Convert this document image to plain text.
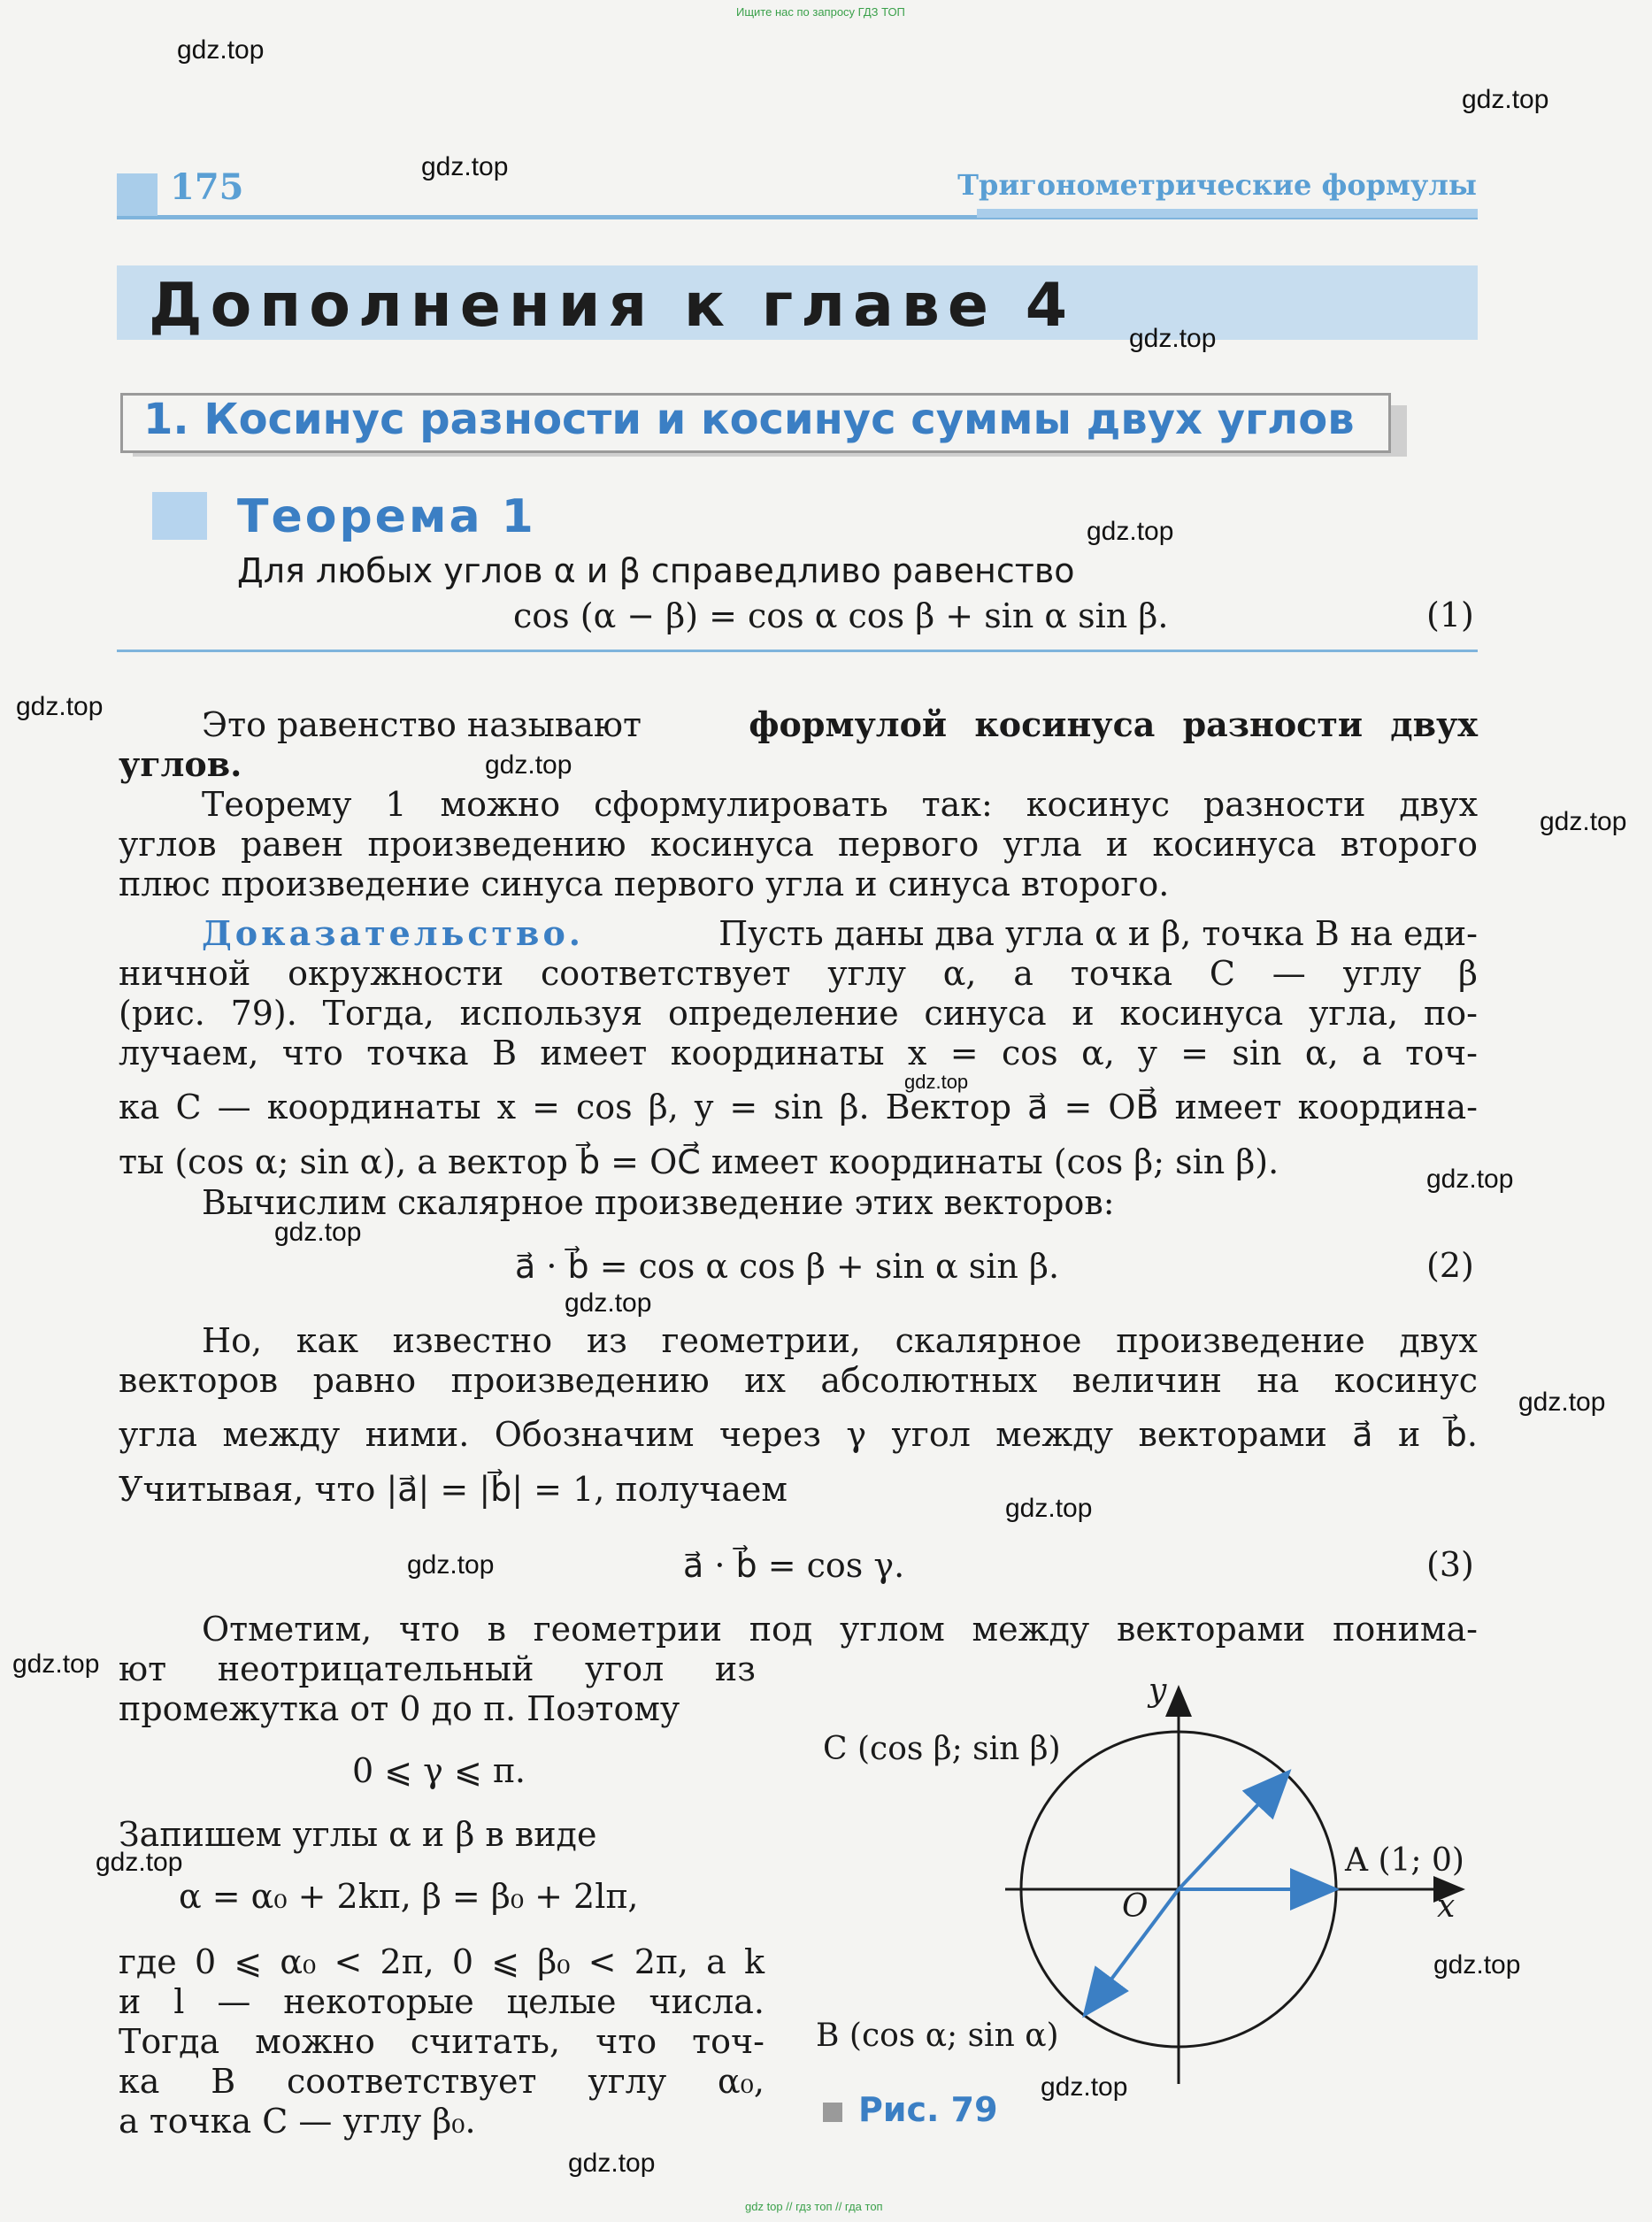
Ищите нас по запросу ГДЗ ТОП
gdz top // гдз топ // гда топ
175	Тригонометрические формулы
Дополнения к главе 4
1. Косинус разности и косинус суммы двух углов
Теорема 1
Для любых углов α и β справедливо равенство
cos (α − β) = cos α cos β + sin α sin β.	(1)
Это равенство называют	формулой косинуса разности двух
углов.
Теорему 1 можно сформулировать так: косинус разности двух
углов равен произведению косинуса первого угла и косинуса второго
плюс произведение синуса первого угла и синуса второго.
Доказательство.	Пусть даны два угла α и β, точка B на еди-
ничной окружности соответствует углу α, а точка C — углу β
(рис. 79). Тогда, используя определение синуса и косинуса угла, по-
лучаем, что точка B имеет координаты x = cos α, y = sin α, а точ-
ка C — координаты x = cos β, y = sin β. Вектор a⃗ = OB⃗ имеет координа-
ты (cos α; sin α), а вектор b⃗ = OC⃗ имеет координаты (cos β; sin β).
Вычислим скалярное произведение этих векторов:
a⃗ · b⃗ = cos α cos β + sin α sin β.	(2)
Но, как известно из геометрии, скалярное произведение двух
векторов равно произведению их абсолютных величин на косинус
угла между ними. Обозначим через γ угол между векторами a⃗ и b⃗.
Учитывая, что |a⃗| = |b⃗| = 1, получаем
a⃗ · b⃗ = cos γ.	(3)
Отметим, что в геометрии под углом между векторами понима-
ют неотрицательный угол из
промежутка от 0 до π. Поэтому
0 ⩽ γ ⩽ π.
Запишем углы α и β в виде
α = α₀ + 2kπ, β = β₀ + 2lπ,
где 0 ⩽ α₀ < 2π, 0 ⩽ β₀ < 2π, а k
и l — некоторые целые числа.
Тогда можно считать, что точ-
ка B соответствует углу α₀,
а точка C — углу β₀.
C (cos β; sin β)
A (1; 0)
O	x
y
B (cos α; sin α)
Рис. 79
gdz.top
gdz.top
gdz.top
gdz.top
gdz.top
gdz.top
gdz.top
gdz.top
gdz.top
gdz.top
gdz.top
gdz.top
gdz.top
gdz.top
gdz.top
gdz.top
gdz.top
gdz.top
gdz.top
gdz.top
